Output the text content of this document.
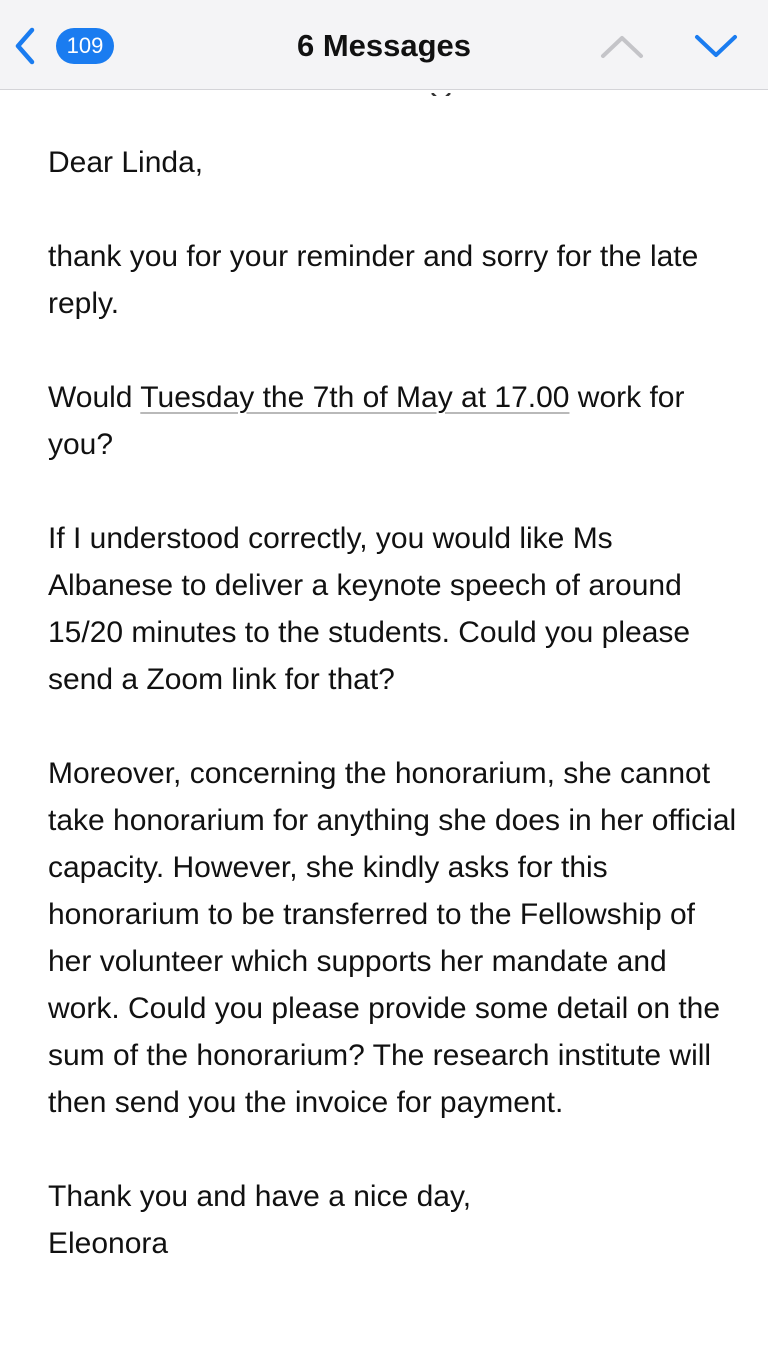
109	6 Messages

Dear Linda,

thank you for your reminder and sorry for the late reply.

Would Tuesday the 7th of May at 17.00 work for you?

If I understood correctly, you would like Ms Albanese to deliver a keynote speech of around 15/20 minutes to the students. Could you please send a Zoom link for that?

Moreover, concerning the honorarium, she cannot take honorarium for anything she does in her official capacity. However, she kindly asks for this honorarium to be transferred to the Fellowship of her volunteer which supports her mandate and work. Could you please provide some detail on the sum of the honorarium? The research institute will then send you the invoice for payment.

Thank you and have a nice day,
Eleonora
